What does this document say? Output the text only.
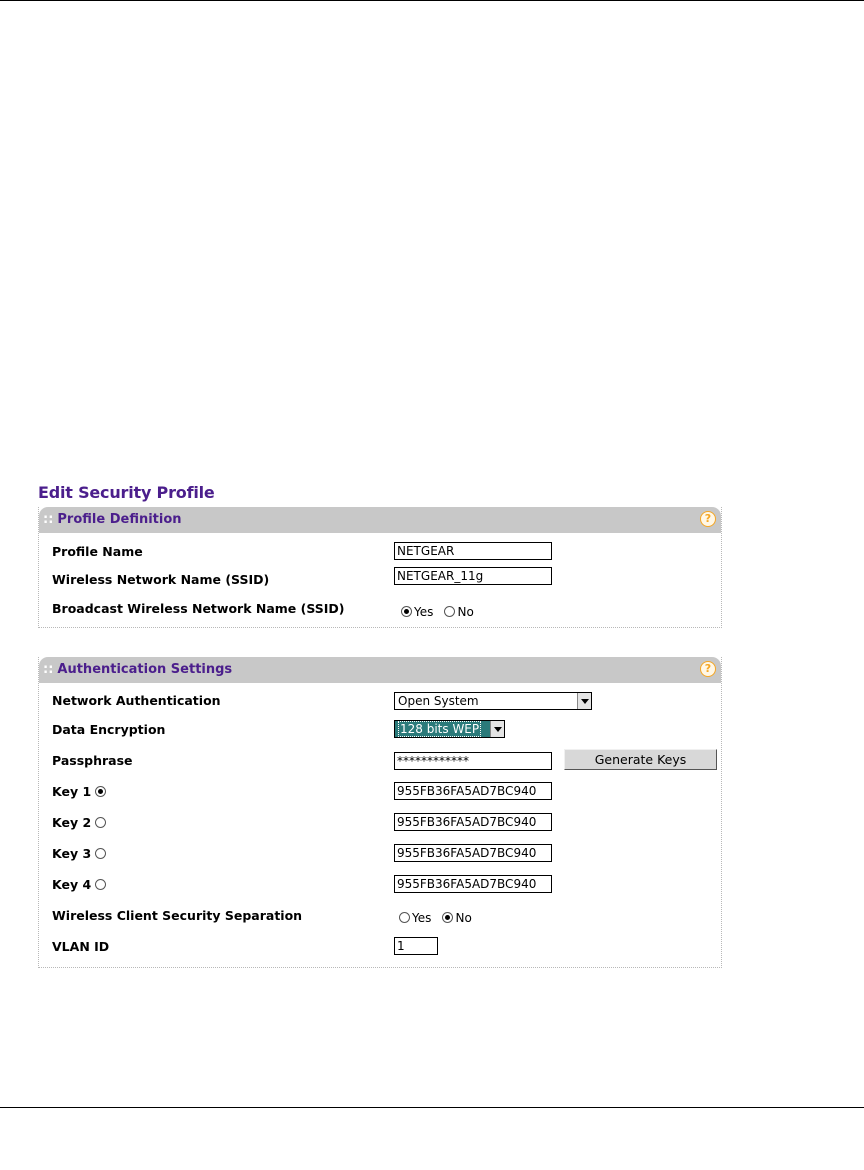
Edit Security Profile
:: Profile Definition	?
Profile Name	NETGEAR
Wireless Network Name (SSID)	NETGEAR_11g
Broadcast Wireless Network Name (SSID)	Yes No
:: Authentication Settings	?
Network Authentication	Open System
Data Encryption	128 bits WEP
Passphrase	************	Generate Keys
Key 1	955FB36FA5AD7BC940
Key 2	955FB36FA5AD7BC940
Key 3	955FB36FA5AD7BC940
Key 4	955FB36FA5AD7BC940
Wireless Client Security Separation	Yes No
VLAN ID	1
